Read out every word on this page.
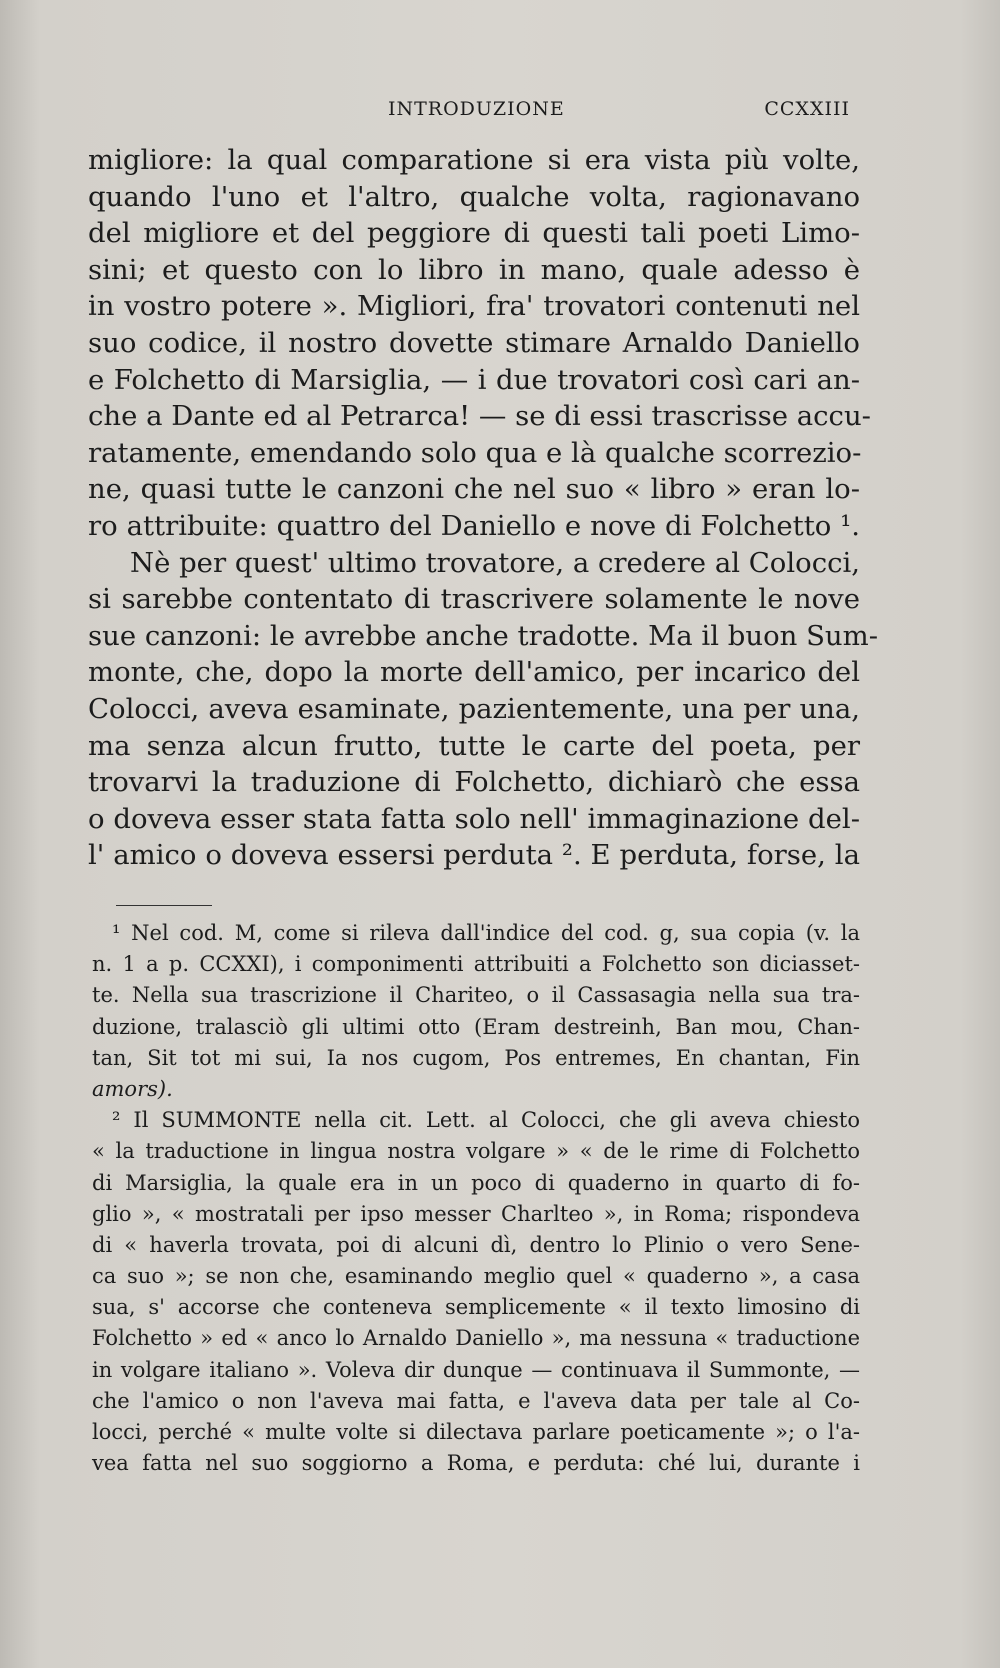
INTRODUZIONE	CCXXIII
migliore: la qual comparatione si era vista più volte,
quando l'uno et l'altro, qualche volta, ragionavano
del migliore et del peggiore di questi tali poeti Limo-
sini; et questo con lo libro in mano, quale adesso è
in vostro potere ». Migliori, fra' trovatori contenuti nel
suo codice, il nostro dovette stimare Arnaldo Daniello
e Folchetto di Marsiglia, — i due trovatori così cari an-
che a Dante ed al Petrarca! — se di essi trascrisse accu-
ratamente, emendando solo qua e là qualche scorrezio-
ne, quasi tutte le canzoni che nel suo « libro » eran lo-
ro attribuite: quattro del Daniello e nove di Folchetto ¹.
Nè per quest' ultimo trovatore, a credere al Colocci,
si sarebbe contentato di trascrivere solamente le nove
sue canzoni: le avrebbe anche tradotte. Ma il buon Sum-
monte, che, dopo la morte dell'amico, per incarico del
Colocci, aveva esaminate, pazientemente, una per una,
ma senza alcun frutto, tutte le carte del poeta, per
trovarvi la traduzione di Folchetto, dichiarò che essa
o doveva esser stata fatta solo nell' immaginazione del-
l' amico o doveva essersi perduta ². E perduta, forse, la
¹ Nel cod. M, come si rileva dall'indice del cod. g, sua copia (v. la
n. 1 a p. CCXXI), i componimenti attribuiti a Folchetto son diciasset-
te. Nella sua trascrizione il Chariteo, o il Cassasagia nella sua tra-
duzione, tralasciò gli ultimi otto (Eram destreinh, Ban mou, Chan-
tan, Sit tot mi sui, Ia nos cugom, Pos entremes, En chantan, Fin
amors).
² Il SUMMONTE nella cit. Lett. al Colocci, che gli aveva chiesto
« la traductione in lingua nostra volgare » « de le rime di Folchetto
di Marsiglia, la quale era in un poco di quaderno in quarto di fo-
glio », « mostratali per ipso messer Charlteo », in Roma; rispondeva
di « haverla trovata, poi di alcuni dì, dentro lo Plinio o vero Sene-
ca suo »; se non che, esaminando meglio quel « quaderno », a casa
sua, s' accorse che conteneva semplicemente « il texto limosino di
Folchetto » ed « anco lo Arnaldo Daniello », ma nessuna « traductione
in volgare italiano ». Voleva dir dunque — continuava il Summonte, —
che l'amico o non l'aveva mai fatta, e l'aveva data per tale al Co-
locci, perché « multe volte si dilectava parlare poeticamente »; o l'a-
vea fatta nel suo soggiorno a Roma, e perduta: ché lui, durante i
